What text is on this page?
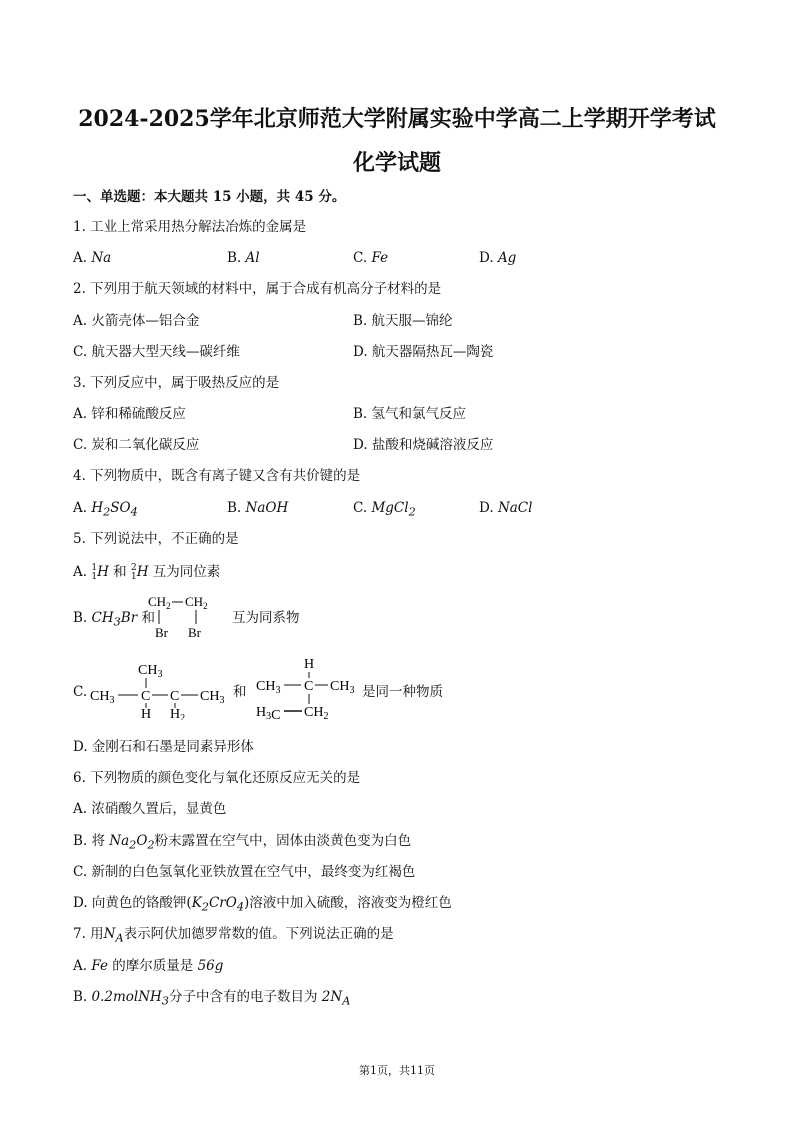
2024-2025学年北京师范大学附属实验中学高二上学期开学考试
化学试题
一、单选题：本大题共 15 小题，共 45 分。
1. 工业上常采用热分解法冶炼的金属是
A. Na	B. Al	C. Fe	D. Ag
2. 下列用于航天领域的材料中，属于合成有机高分子材料的是
A. 火箭壳体—铝合金	B. 航天服—锦纶
C. 航天器大型天线—碳纤维	D. 航天器隔热瓦—陶瓷
3. 下列反应中，属于吸热反应的是
A. 锌和稀硫酸反应	B. 氢气和氯气反应
C. 炭和二氧化碳反应	D. 盐酸和烧碱溶液反应
4. 下列物质中，既含有离子键又含有共价键的是
A. $H_2SO_4$	B. NaOH	C. MgCl$_2$	D. NaCl
5. 下列说法中，不正确的是
A. 1
1H 和 2
1H 互为同位素
B. $CH_3Br$ 和
$CH_2$ $CH_2$
Br Br
互为同系物
C.
$CH_3$
$CH_3$ C C $CH_3$
H $H_2$
和
H
$CH_3$ C $CH_3$
$H_3C$ $CH_2$
是同一种物质
D. 金刚石和石墨是同素异形体
6. 下列物质的颜色变化与氧化还原反应无关的是
A. 浓硝酸久置后，显黄色
B. 将 $Na_2O_2$粉末露置在空气中，固体由淡黄色变为白色
C. 新制的白色氢氧化亚铁放置在空气中，最终变为红褐色
D. 向黄色的铬酸钾$(K_2CrO_4)$溶液中加入硫酸，溶液变为橙红色
7. 用$N_A$表示阿伏加德罗常数的值。下列说法正确的是
A. Fe 的摩尔质量是 56g
B. 0.2molNH$_3$分子中含有的电子数目为 $2N_A$
第1页，共11页
